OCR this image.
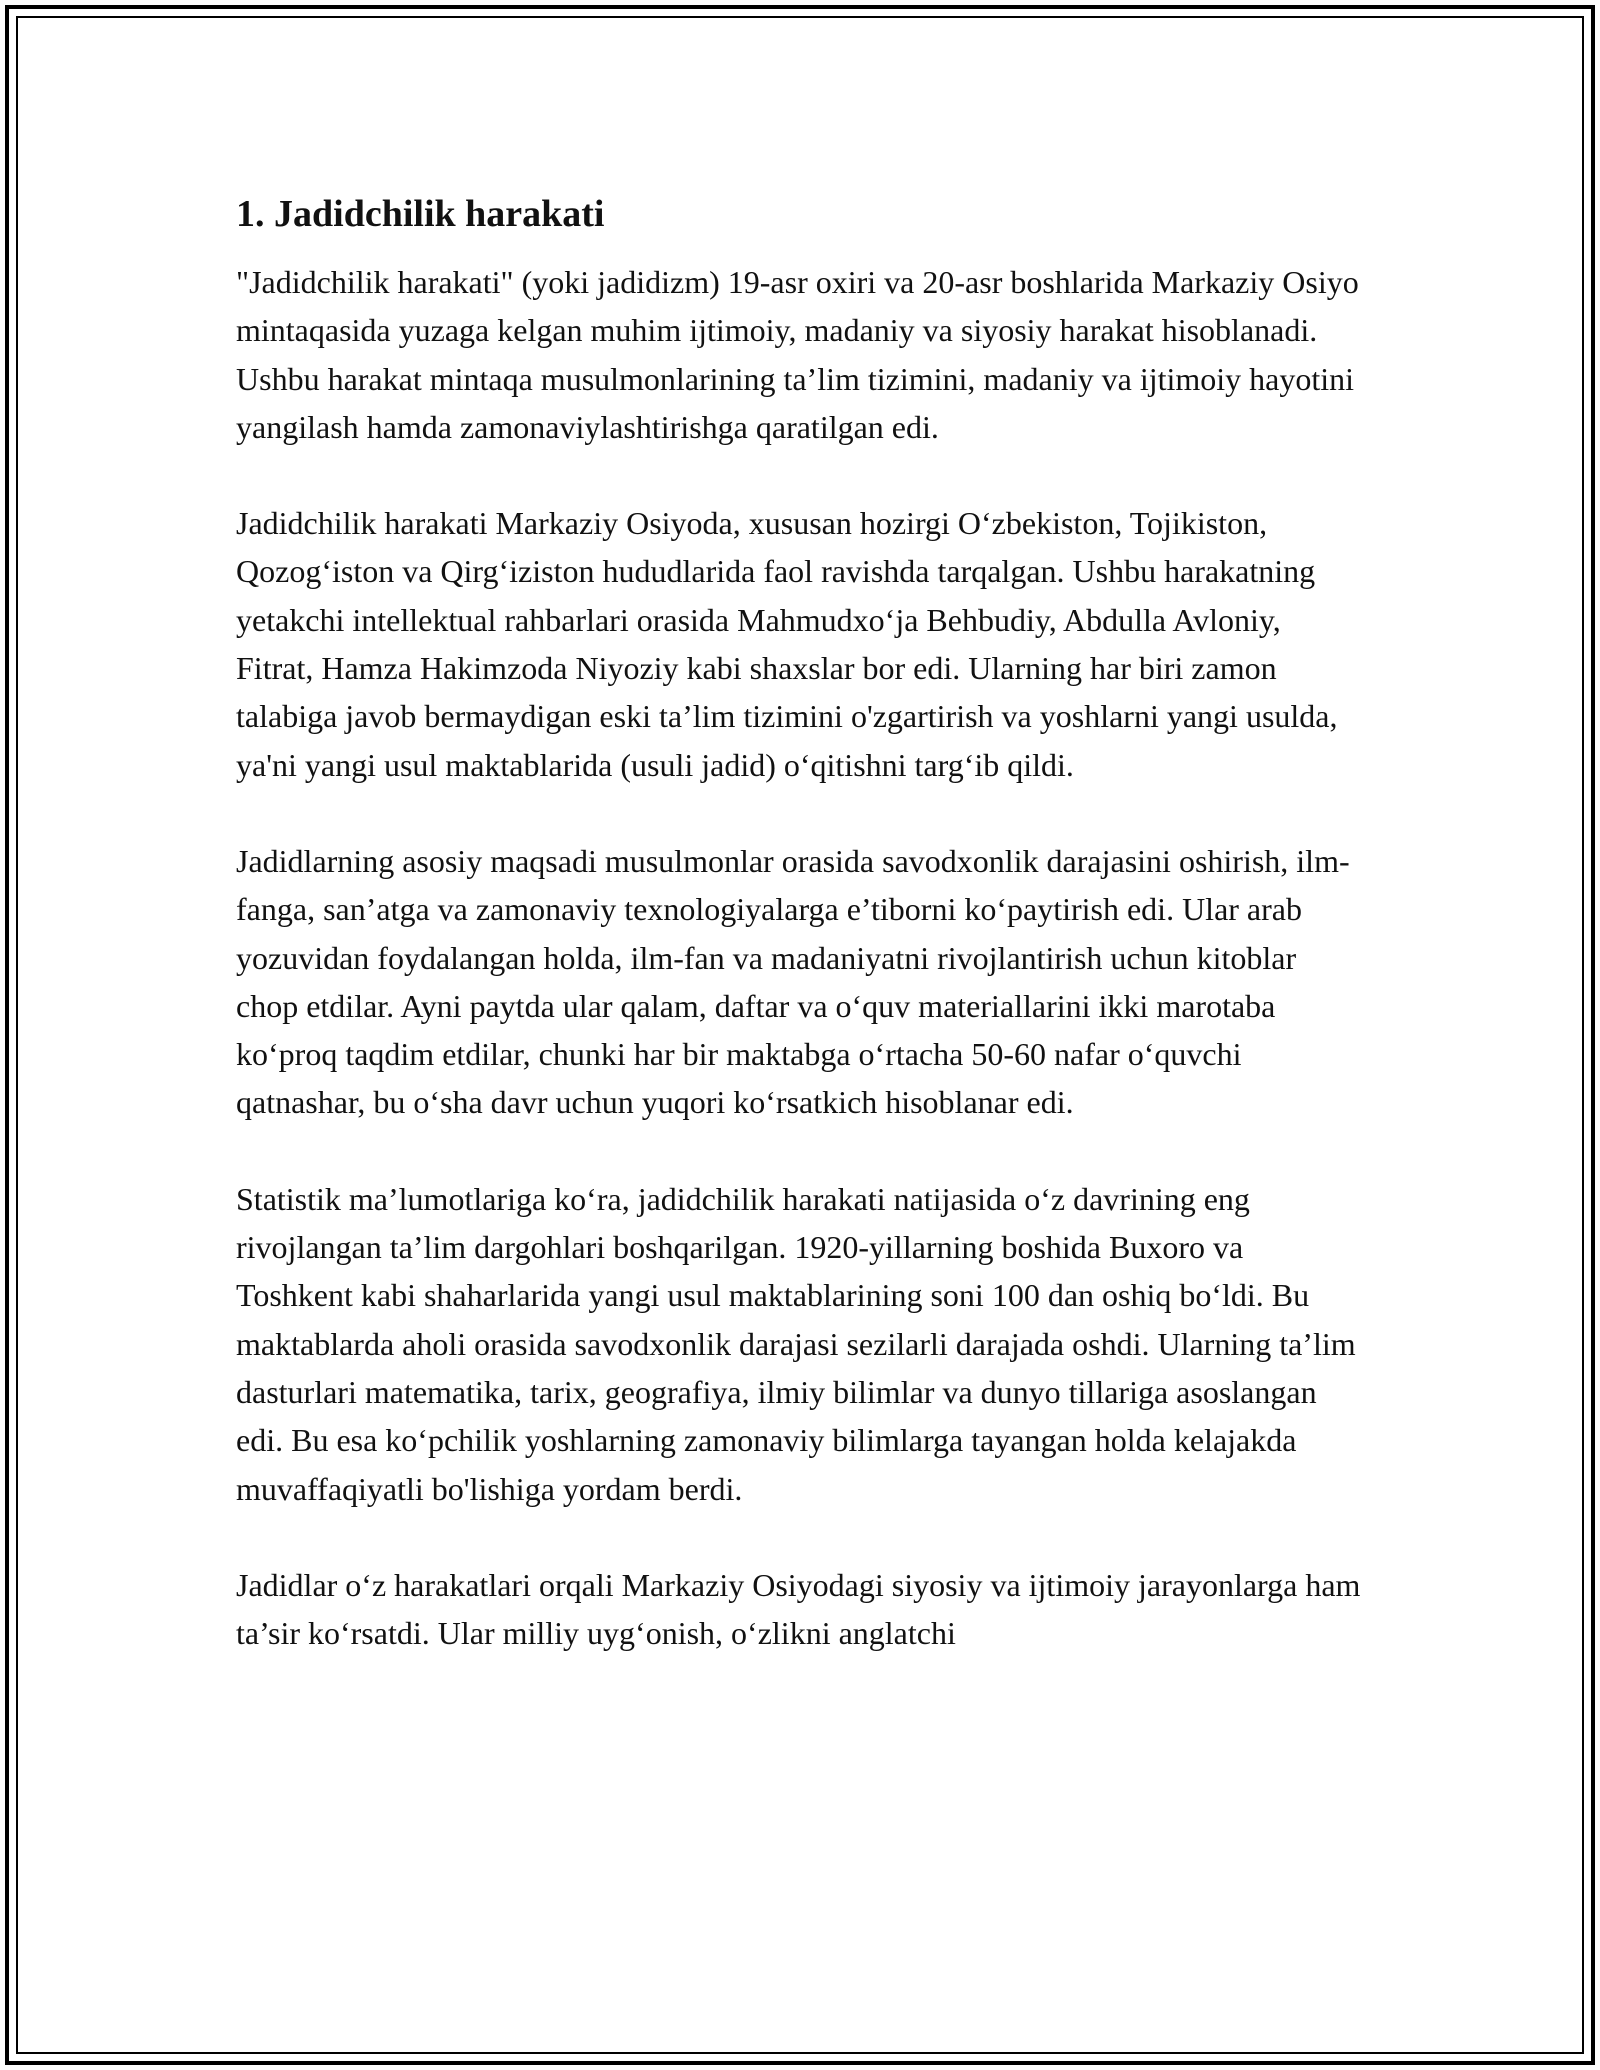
1. Jadidchilik harakati

"Jadidchilik harakati" (yoki jadidizm) 19-asr oxiri va 20-asr boshlarida Markaziy Osiyo mintaqasida yuzaga kelgan muhim ijtimoiy, madaniy va siyosiy harakat hisoblanadi. Ushbu harakat mintaqa musulmonlarining ta’lim tizimini, madaniy va ijtimoiy hayotini yangilash hamda zamonaviylashtirishga qaratilgan edi.

Jadidchilik harakati Markaziy Osiyoda, xususan hozirgi O‘zbekiston, Tojikiston, Qozog‘iston va Qirg‘iziston hududlarida faol ravishda tarqalgan. Ushbu harakatning yetakchi intellektual rahbarlari orasida Mahmudxo‘ja Behbudiy, Abdulla Avloniy, Fitrat, Hamza Hakimzoda Niyoziy kabi shaxslar bor edi. Ularning har biri zamon talabiga javob bermaydigan eski ta’lim tizimini o'zgartirish va yoshlarni yangi usulda, ya'ni yangi usul maktablarida (usuli jadid) o‘qitishni targ‘ib qildi.

Jadidlarning asosiy maqsadi musulmonlar orasida savodxonlik darajasini oshirish, ilm-fanga, san’atga va zamonaviy texnologiyalarga e’tiborni ko‘paytirish edi. Ular arab yozuvidan foydalangan holda, ilm-fan va madaniyatni rivojlantirish uchun kitoblar chop etdilar. Ayni paytda ular qalam, daftar va o‘quv materiallarini ikki marotaba ko‘proq taqdim etdilar, chunki har bir maktabga o‘rtacha 50-60 nafar o‘quvchi qatnashar, bu o‘sha davr uchun yuqori ko‘rsatkich hisoblanar edi.

Statistik ma’lumotlariga ko‘ra, jadidchilik harakati natijasida o‘z davrining eng rivojlangan ta’lim dargohlari boshqarilgan. 1920-yillarning boshida Buxoro va Toshkent kabi shaharlarida yangi usul maktablarining soni 100 dan oshiq bo‘ldi. Bu maktablarda aholi orasida savodxonlik darajasi sezilarli darajada oshdi. Ularning ta’lim dasturlari matematika, tarix, geografiya, ilmiy bilimlar va dunyo tillariga asoslangan edi. Bu esa ko‘pchilik yoshlarning zamonaviy bilimlarga tayangan holda kelajakda muvaffaqiyatli bo'lishiga yordam berdi.

Jadidlar o‘z harakatlari orqali Markaziy Osiyodagi siyosiy va ijtimoiy jarayonlarga ham ta’sir ko‘rsatdi. Ular milliy uyg‘onish, o‘zlikni anglatchi
